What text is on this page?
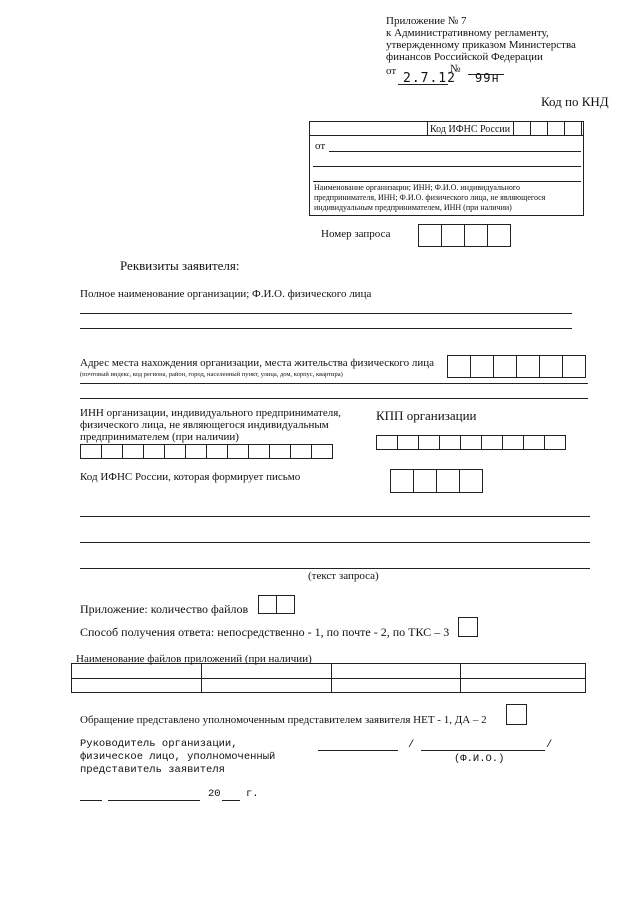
Приложение № 7
к Административному регламенту,
утвержденному приказом Министерства
финансов Российской Федерации
от	№
2.7.12 99н
Код по КНД
Код ИФНС России
от
Наименование организации; ИНН; Ф.И.О. индивидуального
предпринимателя, ИНН; Ф.И.О. физического лица, не являющегося
индивидуальным предпринимателем, ИНН (при наличии)
Номер запроса
Реквизиты заявителя:
Полное наименование организации; Ф.И.О. физического лица
Адрес места нахождения организации, места жительства физического лица
(почтовый индекс, код региона, район, город, населенный пункт, улица, дом, корпус, квартира)
ИНН организации, индивидуального предпринимателя,
физического лица, не являющегося индивидуальным
предпринимателем (при наличии)
КПП организации
Код ИФНС России, которая формирует письмо
(текст запроса)
Приложение: количество файлов
Способ получения ответа: непосредственно - 1, по почте - 2, по ТКС – 3
Наименование файлов приложений (при наличии)
Обращение представлено уполномоченным представителем заявителя НЕТ - 1, ДА – 2
Руководитель организации,
физическое лицо, уполномоченный
представитель заявителя
/	/
(Ф.И.О.)
20 г.
